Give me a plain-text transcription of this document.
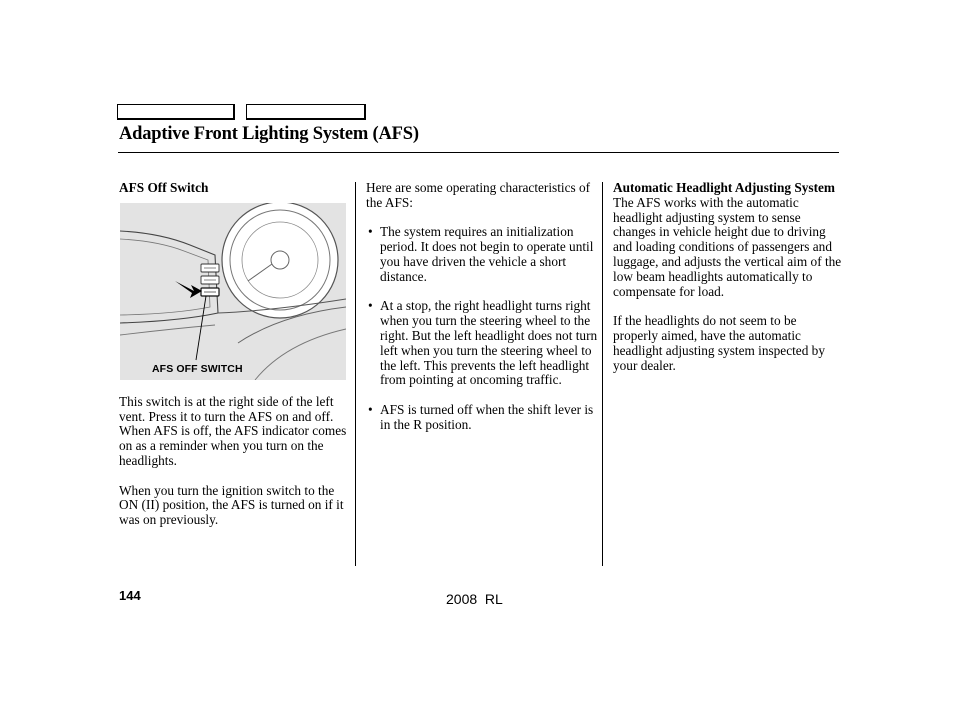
Adaptive Front Lighting System (AFS)

AFS Off Switch

This switch is at the right side of the left vent. Press it to turn the AFS on and off. When AFS is off, the AFS indicator comes on as a reminder when you turn on the headlights.

When you turn the ignition switch to the ON (II) position, the AFS is turned on if it was on previously.

AFS OFF SWITCH

Here are some operating characteristics of the AFS:

• The system requires an initialization period. It does not begin to operate until you have driven the vehicle a short distance.

• At a stop, the right headlight turns right when you turn the steering wheel to the right. But the left headlight does not turn left when you turn the steering wheel to the left. This prevents the left headlight from pointing at oncoming traffic.

• AFS is turned off when the shift lever is in the R position.

Automatic Headlight Adjusting System

The AFS works with the automatic headlight adjusting system to sense changes in vehicle height due to driving and loading conditions of passengers and luggage, and adjusts the vertical aim of the low beam headlights automatically to compensate for load.

If the headlights do not seem to be properly aimed, have the automatic headlight adjusting system inspected by your dealer.

144	2008  RL
